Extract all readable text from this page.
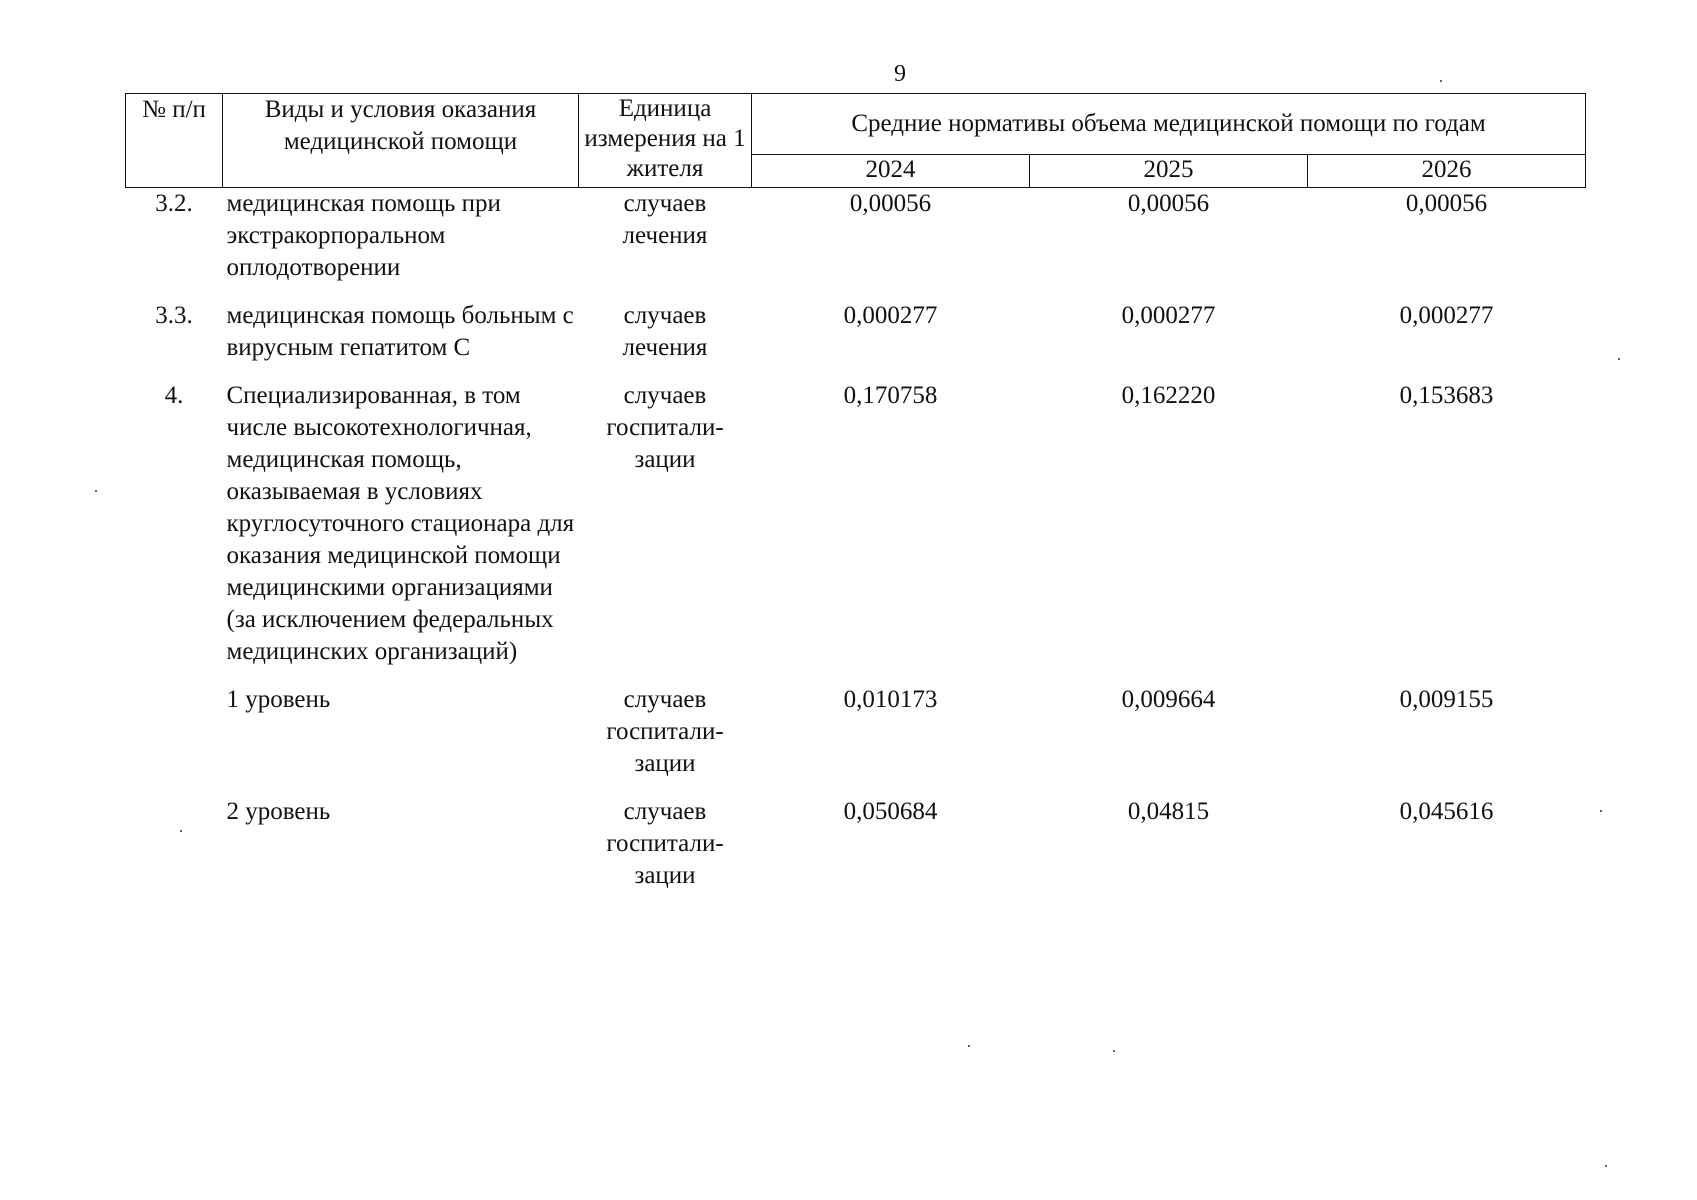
9
№ п/п	Виды и условия оказания медицинской помощи	Единица измерения на 1 жителя	Средние нормативы объема медицинской помощи по годам		
			2024	2025	2026
3.2.	медицинская помощь при экстракорпоральном оплодотворении	случаев лечения	0,00056	0,00056	0,00056
3.3.	медицинская помощь больным с вирусным гепатитом С	случаев лечения	0,000277	0,000277	0,000277
4.	Специализированная, в том числе высокотехнологичная, медицинская помощь, оказываемая в условиях круглосуточного стационара для оказания медицинской помощи медицинскими организациями (за исключением федеральных медицинских организаций)	случаев госпитали-зации	0,170758	0,162220	0,153683
	1 уровень	случаев госпитали-зации	0,010173	0,009664	0,009155
	2 уровень	случаев госпитали-зации	0,050684	0,04815	0,045616
